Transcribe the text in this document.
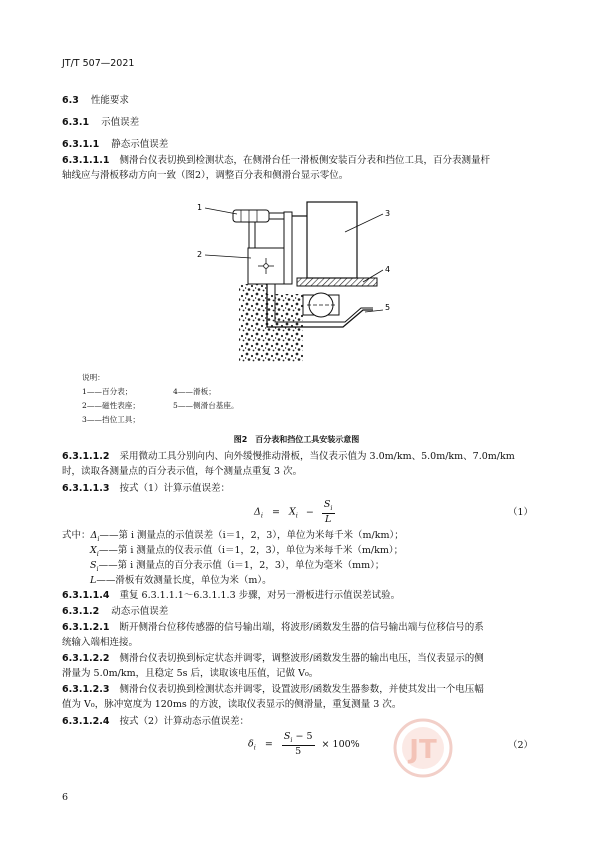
JT/T 507—2021
6.3 性能要求
6.3.1 示值误差
6.3.1.1 静态示值误差
6.3.1.1.1 侧滑台仪表切换到检测状态，在侧滑台任一滑板侧安装百分表和挡位工具，百分表测量杆
轴线应与滑板移动方向一致（图2），调整百分表和侧滑台显示零位。
1
2
3
4
5
说明：
1——百分表；
2——磁性表座；
3——挡位工具；
4——滑板；
5——侧滑台基座。
图2　百分表和挡位工具安装示意图
6.3.1.1.2 采用微动工具分别向内、向外缓慢推动滑板，当仪表示值为 3.0m/km、5.0m/km、7.0m/km
时，读取各测量点的百分表示值，每个测量点重复 3 次。
6.3.1.1.3 按式（1）计算示值误差：
$\Delta_i = X_i - \frac{S_i}{L}$	（1）
式中：$\Delta_i——$第 i 测量点的示值误差（i＝1，2，3），单位为米每千米（m/km）；
$X_i——$第 i 测量点的仪表示值（i＝1，2，3），单位为米每千米（m/km）；
$S_i——$第 i 测量点的百分表示值（i＝1，2，3），单位为毫米（mm）；
L——滑板有效测量长度，单位为米（m）。
6.3.1.1.4 重复 6.3.1.1.1～6.3.1.1.3 步骤，对另一滑板进行示值误差试验。
6.3.1.2 动态示值误差
6.3.1.2.1 断开侧滑台位移传感器的信号输出端，将波形/函数发生器的信号输出端与位移信号的系
统输入端相连接。
6.3.1.2.2 侧滑台仪表切换到标定状态并调零，调整波形/函数发生器的输出电压，当仪表显示的侧
滑量为 5.0m/km，且稳定 5s 后，读取该电压值，记做 V₀。
6.3.1.2.3 侧滑台仪表切换到检测状态并调零，设置波形/函数发生器参数，并使其发出一个电压幅
值为 V₀，脉冲宽度为 120ms 的方波，读取仪表显示的侧滑量，重复测量 3 次。
6.3.1.2.4 按式（2）计算动态示值误差：
$\delta_i = \frac{S_i - 5}{5} \times 100\%$	（2）
JT
6
